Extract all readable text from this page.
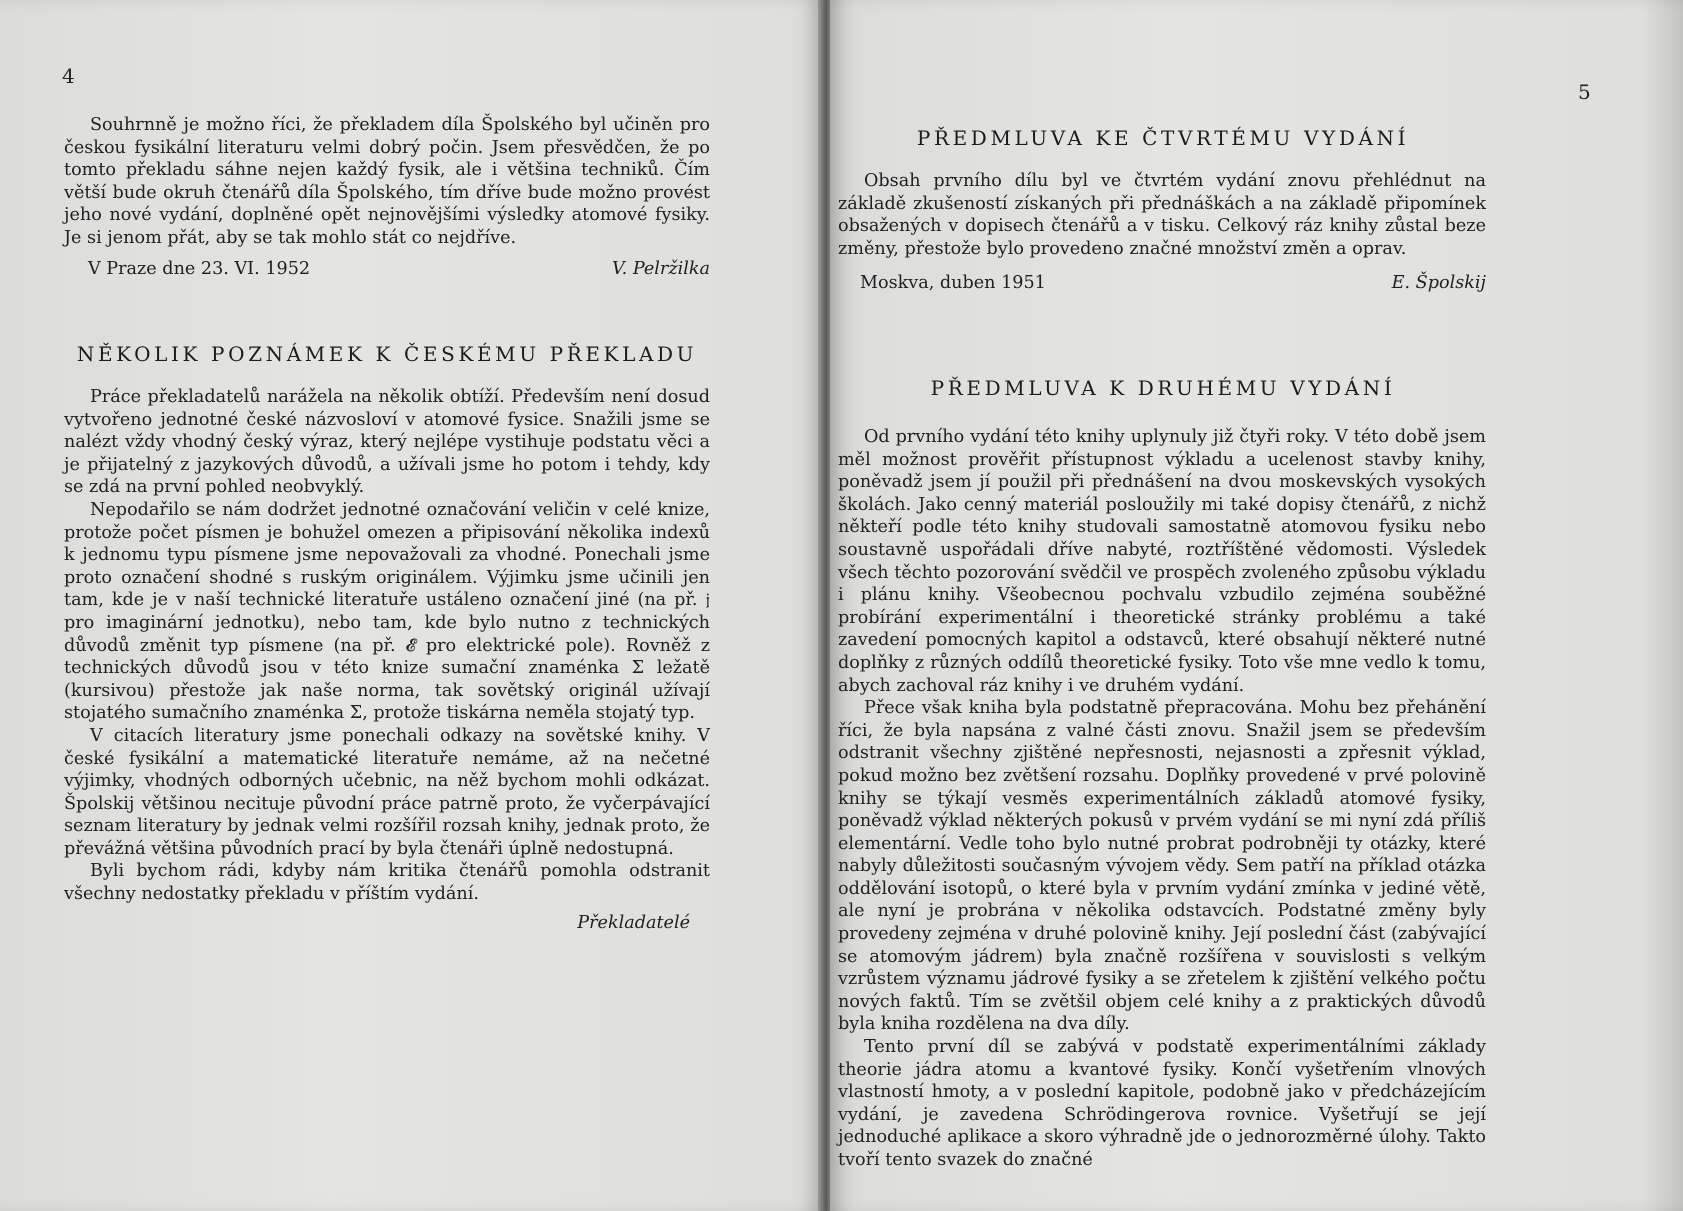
4

Souhrnně je možno říci, že překladem díla Špolského byl učiněn pro českou fysikální literaturu velmi dobrý počin. Jsem přesvědčen, že po tomto překladu sáhne nejen každý fysik, ale i většina techniků. Čím větší bude okruh čtenářů díla Špolského, tím dříve bude možno provést jeho nové vydání, doplněné opět nejnovějšími výsledky atomové fysiky. Je si jenom přát, aby se tak mohlo stát co nejdříve.

V Praze dne 23. VI. 1952	V. Pelržilka
NĚKOLIK POZNÁMEK K ČESKÉMU PŘEKLADU

Práce překladatelů narážela na několik obtíží. Především není dosud vytvořeno jednotné české názvosloví v atomové fysice. Snažili jsme se nalézt vždy vhodný český výraz, který nejlépe vystihuje podstatu věci a je přijatelný z jazykových důvodů, a užívali jsme ho potom i tehdy, kdy se zdá na první pohled neobvyklý.

Nepodařilo se nám dodržet jednotné označování veličin v celé knize, protože počet písmen je bohužel omezen a připisování několika indexů k jednomu typu písmene jsme nepovažovali za vhodné. Ponechali jsme proto označení shodné s ruským originálem. Výjimku jsme učinili jen tam, kde je v naší technické literatuře ustáleno označení jiné (na př. 𝔧 pro imaginární jednotku), nebo tam, kde bylo nutno z technických důvodů změnit typ písmene (na př. 𝓔 pro elektrické pole). Rovněž z technických důvodů jsou v této knize sumační znaménka Σ ležatě (kursivou) přestože jak naše norma, tak sovětský originál užívají stojatého sumačního znaménka Σ, protože tiskárna neměla stojatý typ.

V citacích literatury jsme ponechali odkazy na sovětské knihy. V české fysikální a matematické literatuře nemáme, až na nečetné výjimky, vhodných odborných učebnic, na něž bychom mohli odkázat. Špolskij většinou necituje původní práce patrně proto, že vyčerpávající seznam literatury by jednak velmi rozšířil rozsah knihy, jednak proto, že převážná většina původních prací by byla čtenáři úplně nedostupná.

Byli bychom rádi, kdyby nám kritika čtenářů pomohla odstranit všechny nedostatky překladu v příštím vydání.

Překladatelé
5
PŘEDMLUVA KE ČTVRTÉMU VYDÁNÍ

Obsah prvního dílu byl ve čtvrtém vydání znovu přehlédnut na základě zkušeností získaných při přednáškách a na základě připomínek obsažených v dopisech čtenářů a v tisku. Celkový ráz knihy zůstal beze změny, přestože bylo provedeno značné množství změn a oprav.

Moskva, duben 1951	E. Špolskij
PŘEDMLUVA K DRUHÉMU VYDÁNÍ

Od prvního vydání této knihy uplynuly již čtyři roky. V této době jsem měl možnost prověřit přístupnost výkladu a ucelenost stavby knihy, poněvadž jsem jí použil při přednášení na dvou moskevských vysokých školách. Jako cenný materiál posloužily mi také dopisy čtenářů, z nichž někteří podle této knihy studovali samostatně atomovou fysiku nebo soustavně uspořádali dříve nabyté, roztříštěné vědomosti. Výsledek všech těchto pozorování svědčil ve prospěch zvoleného způsobu výkladu i plánu knihy. Všeobecnou pochvalu vzbudilo zejména souběžné probírání experimentální i theoretické stránky problému a také zavedení pomocných kapitol a odstavců, které obsahují některé nutné doplňky z různých oddílů theoretické fysiky. Toto vše mne vedlo k tomu, abych zachoval ráz knihy i ve druhém vydání.

Přece však kniha byla podstatně přepracována. Mohu bez přehánění říci, že byla napsána z valné části znovu. Snažil jsem se především odstranit všechny zjištěné nepřesnosti, nejasnosti a zpřesnit výklad, pokud možno bez zvětšení rozsahu. Doplňky provedené v prvé polovině knihy se týkají vesměs experimentálních základů atomové fysiky, poněvadž výklad některých pokusů v prvém vydání se mi nyní zdá příliš elementární. Vedle toho bylo nutné probrat podrobněji ty otázky, které nabyly důležitosti současným vývojem vědy. Sem patří na příklad otázka oddělování isotopů, o které byla v prvním vydání zmínka v jediné větě, ale nyní je probrána v několika odstavcích. Podstatné změny byly provedeny zejména v druhé polovině knihy. Její poslední část (zabývající se atomovým jádrem) byla značně rozšířena v souvislosti s velkým vzrůstem významu jádrové fysiky a se zřetelem k zjištění velkého počtu nových faktů. Tím se zvětšil objem celé knihy a z praktických důvodů byla kniha rozdělena na dva díly.

Tento první díl se zabývá v podstatě experimentálními základy theorie jádra atomu a kvantové fysiky. Končí vyšetřením vlnových vlastností hmoty, a v poslední kapitole, podobně jako v předcházejícím vydání, je zavedena Schrödingerova rovnice. Vyšetřují se její jednoduché aplikace a skoro výhradně jde o jednorozměrné úlohy. Takto tvoří tento svazek do značné
